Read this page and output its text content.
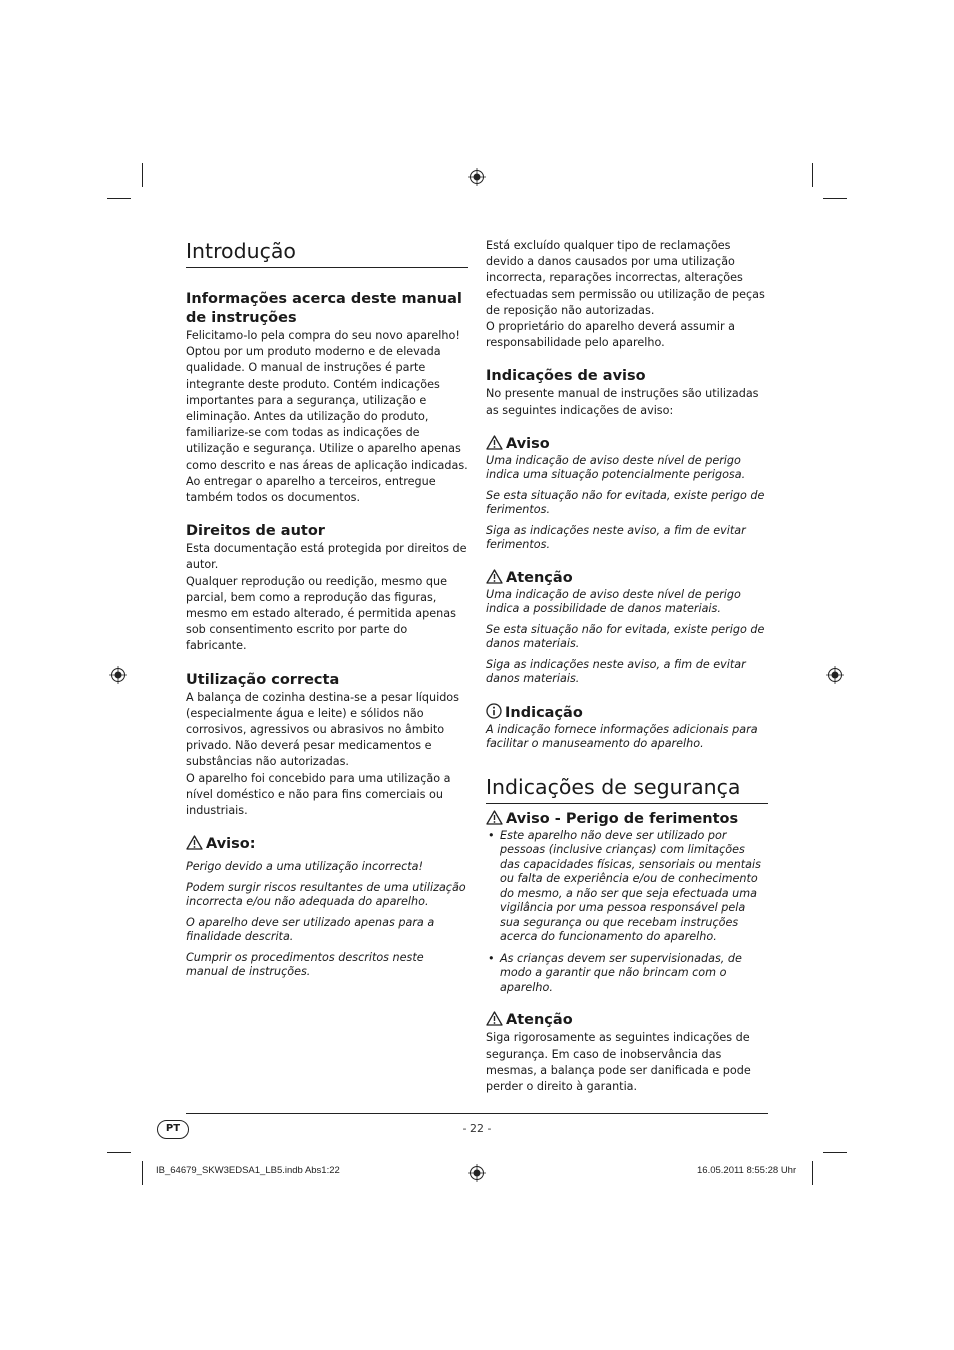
Introdução
Informações acerca deste manual de instruções

Felicitamo-lo pela compra do seu novo aparelho! Optou por um produto moderno e de elevada qualidade. O manual de instruções é parte integrante deste produto. Contém indicações importantes para a segurança, utilização e eliminação. Antes da utilização do produto, familiarize-se com todas as indicações de utilização e segurança. Utilize o aparelho apenas como descrito e nas áreas de aplicação indicadas. Ao entregar o aparelho a terceiros, entregue também todos os documentos.

Direitos de autor

Esta documentação está protegida por direitos de autor.

Qualquer reprodução ou reedição, mesmo que parcial, bem como a reprodução das figuras, mesmo em estado alterado, é permitida apenas sob consentimento escrito por parte do fabricante.

Utilização correcta

A balança de cozinha destina-se a pesar líquidos (especialmente água e leite) e sólidos não corrosivos, agressivos ou abrasivos no âmbito privado. Não deverá pesar medicamentos e substâncias não autorizadas.

O aparelho foi concebido para uma utilização a nível doméstico e não para fins comerciais ou industriais.

Aviso:

Perigo devido a uma utilização incorrecta!

Podem surgir riscos resultantes de uma utilização incorrecta e/ou não adequada do aparelho.

O aparelho deve ser utilizado apenas para a finalidade descrita.

Cumprir os procedimentos descritos neste manual de instruções.

Está excluído qualquer tipo de reclamações devido a danos causados por uma utilização incorrecta, reparações incorrectas, alterações efectuadas sem permissão ou utilização de peças de reposição não autorizadas.

O proprietário do aparelho deverá assumir a responsabilidade pelo aparelho.

Indicações de aviso

No presente manual de instruções são utilizadas as seguintes indicações de aviso:

Aviso

Uma indicação de aviso deste nível de perigo indica uma situação potencialmente perigosa.

Se esta situação não for evitada, existe perigo de ferimentos.

Siga as indicações neste aviso, a fim de evitar ferimentos.

Atenção

Uma indicação de aviso deste nível de perigo indica a possibilidade de danos materiais.

Se esta situação não for evitada, existe perigo de danos materiais.

Siga as indicações neste aviso, a fim de evitar danos materiais.

Indicação

A indicação fornece informações adicionais para facilitar o manuseamento do aparelho.

Indicações de segurança
Aviso - Perigo de ferimentos
• Este aparelho não deve ser utilizado por pessoas (inclusive crianças) com limitações das capacidades físicas, sensoriais ou mentais ou falta de experiência e/ou de conhecimento do mesmo, a não ser que seja efectuada uma vigilância por uma pessoa responsável pela sua segurança ou que recebam instruções acerca do funcionamento do aparelho.
• As crianças devem ser supervisionadas, de modo a garantir que não brincam com o aparelho.
Atenção

Siga rigorosamente as seguintes indicações de segurança. Em caso de inobservância das mesmas, a balança pode ser danificada e pode perder o direito à garantia.

PT	- 22 -
IB_64679_SKW3EDSA1_LB5.indb Abs1:22	16.05.2011 8:55:28 Uhr
